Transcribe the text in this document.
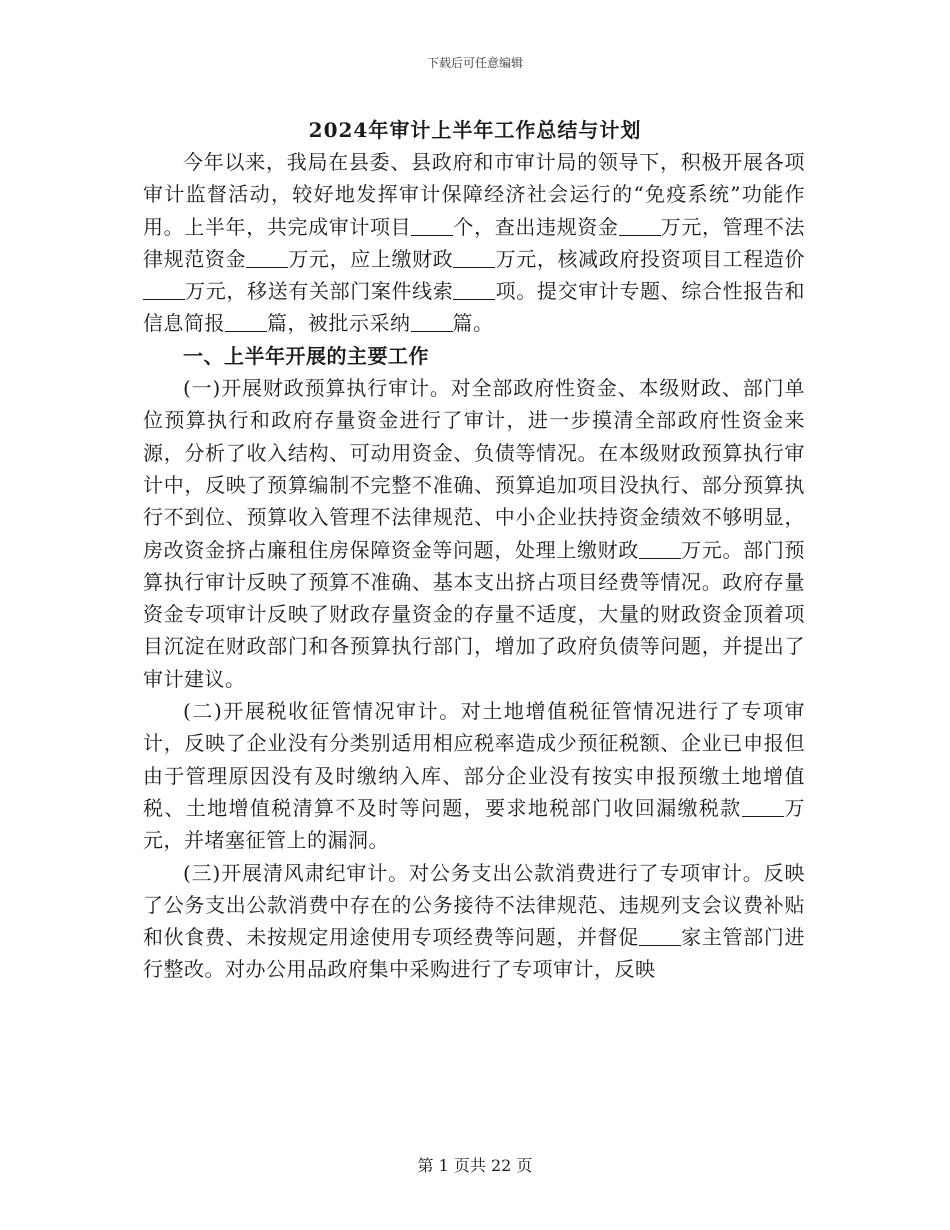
下载后可任意编辑
2024年审计上半年工作总结与计划

今年以来，我局在县委、县政府和市审计局的领导下，积极开展各项审计监督活动，较好地发挥审计保障经济社会运行的“免疫系统”功能作用。上半年，共完成审计项目 个，查出违规资金 万元，管理不法律规范资金 万元，应上缴财政 万元，核减政府投资项目工程造价万元，移送有关部门案件线索 项。提交审计专题、综合性报告和信息简报 篇，被批示采纳 篇。

一、上半年开展的主要工作

(一)开展财政预算执行审计。对全部政府性资金、本级财政、部门单位预算执行和政府存量资金进行了审计，进一步摸清全部政府性资金来源，分析了收入结构、可动用资金、负债等情况。在本级财政预算执行审计中，反映了预算编制不完整不准确、预算追加项目没执行、部分预算执行不到位、预算收入管理不法律规范、中小企业扶持资金绩效不够明显，房改资金挤占廉租住房保障资金等问题，处理上缴财政 万元。部门预算执行审计反映了预算不准确、基本支出挤占项目经费等情况。政府存量资金专项审计反映了财政存量资金的存量不适度，大量的财政资金顶着项目沉淀在财政部门和各预算执行部门，增加了政府负债等问题，并提出了审计建议。

(二)开展税收征管情况审计。对土地增值税征管情况进行了专项审计，反映了企业没有分类别适用相应税率造成少预征税额、企业已申报但由于管理原因没有及时缴纳入库、部分企业没有按实申报预缴土地增值税、土地增值税清算不及时等问题，要求地税部门收回漏缴税款 万元，并堵塞征管上的漏洞。

(三)开展清风肃纪审计。对公务支出公款消费进行了专项审计。反映了公务支出公款消费中存在的公务接待不法律规范、违规列支会议费补贴和伙食费、未按规定用途使用专项经费等问题，并督促 家主管部门进行整改。对办公用品政府集中采购进行了专项审计，反映

第 1 页共 22 页
